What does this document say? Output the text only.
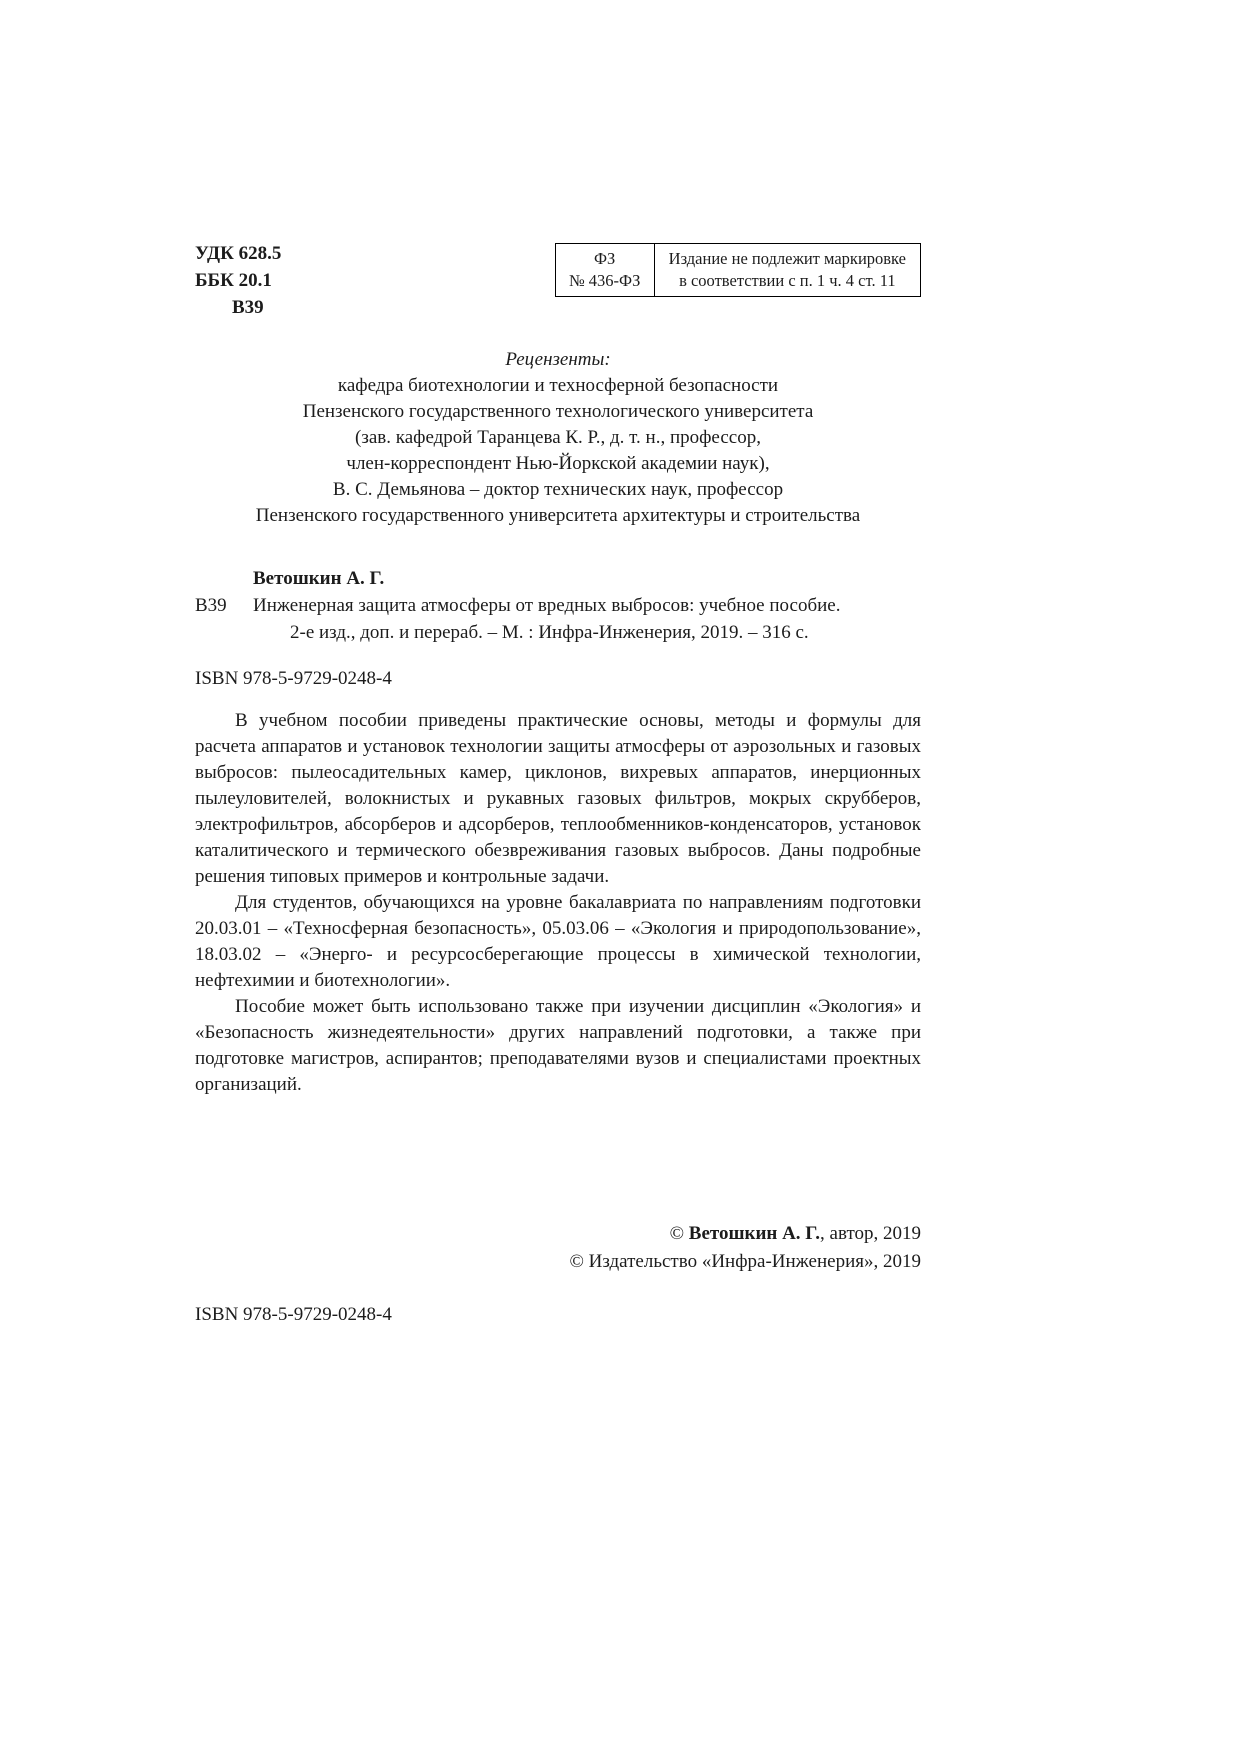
УДК 628.5
ББК 20.1
В39
ФЗ
№ 436-ФЗ
Издание не подлежит маркировке
в соответствии с п. 1 ч. 4 ст. 11
Рецензенты:
кафедра биотехнологии и техносферной безопасности
Пензенского государственного технологического университета
(зав. кафедрой Таранцева К. Р., д. т. н., профессор,
член-корреспондент Нью-Йоркской академии наук),
В. С. Демьянова – доктор технических наук, профессор
Пензенского государственного университета архитектуры и строительства
Ветошкин А. Г.
В39	Инженерная защита атмосферы от вредных выбросов: учебное пособие.
2-е изд., доп. и перераб. – М. : Инфра-Инженерия, 2019. – 316 с.
ISBN 978-5-9729-0248-4

В учебном пособии приведены практические основы, методы и формулы для расчета аппаратов и установок технологии защиты атмосферы от аэрозольных и газовых выбросов: пылеосадительных камер, циклонов, вихревых аппаратов, инерционных пылеуловителей, волокнистых и рукавных газовых фильтров, мокрых скрубберов, электрофильтров, абсорберов и адсорберов, теплообменников-конденсаторов, установок каталитического и термического обезвреживания газовых выбросов. Даны подробные решения типовых примеров и контрольные задачи.

Для студентов, обучающихся на уровне бакалавриата по направлениям подготовки 20.03.01 – «Техносферная безопасность», 05.03.06 – «Экология и природопользование», 18.03.02 – «Энерго- и ресурсосберегающие процессы в химической технологии, нефтехимии и биотехнологии».

Пособие может быть использовано также при изучении дисциплин «Экология» и «Безопасность жизнедеятельности» других направлений подготовки, а также при подготовке магистров, аспирантов; преподавателями вузов и специалистами проектных организаций.

© Ветошкин А. Г., автор, 2019
© Издательство «Инфра-Инженерия», 2019
ISBN 978-5-9729-0248-4
